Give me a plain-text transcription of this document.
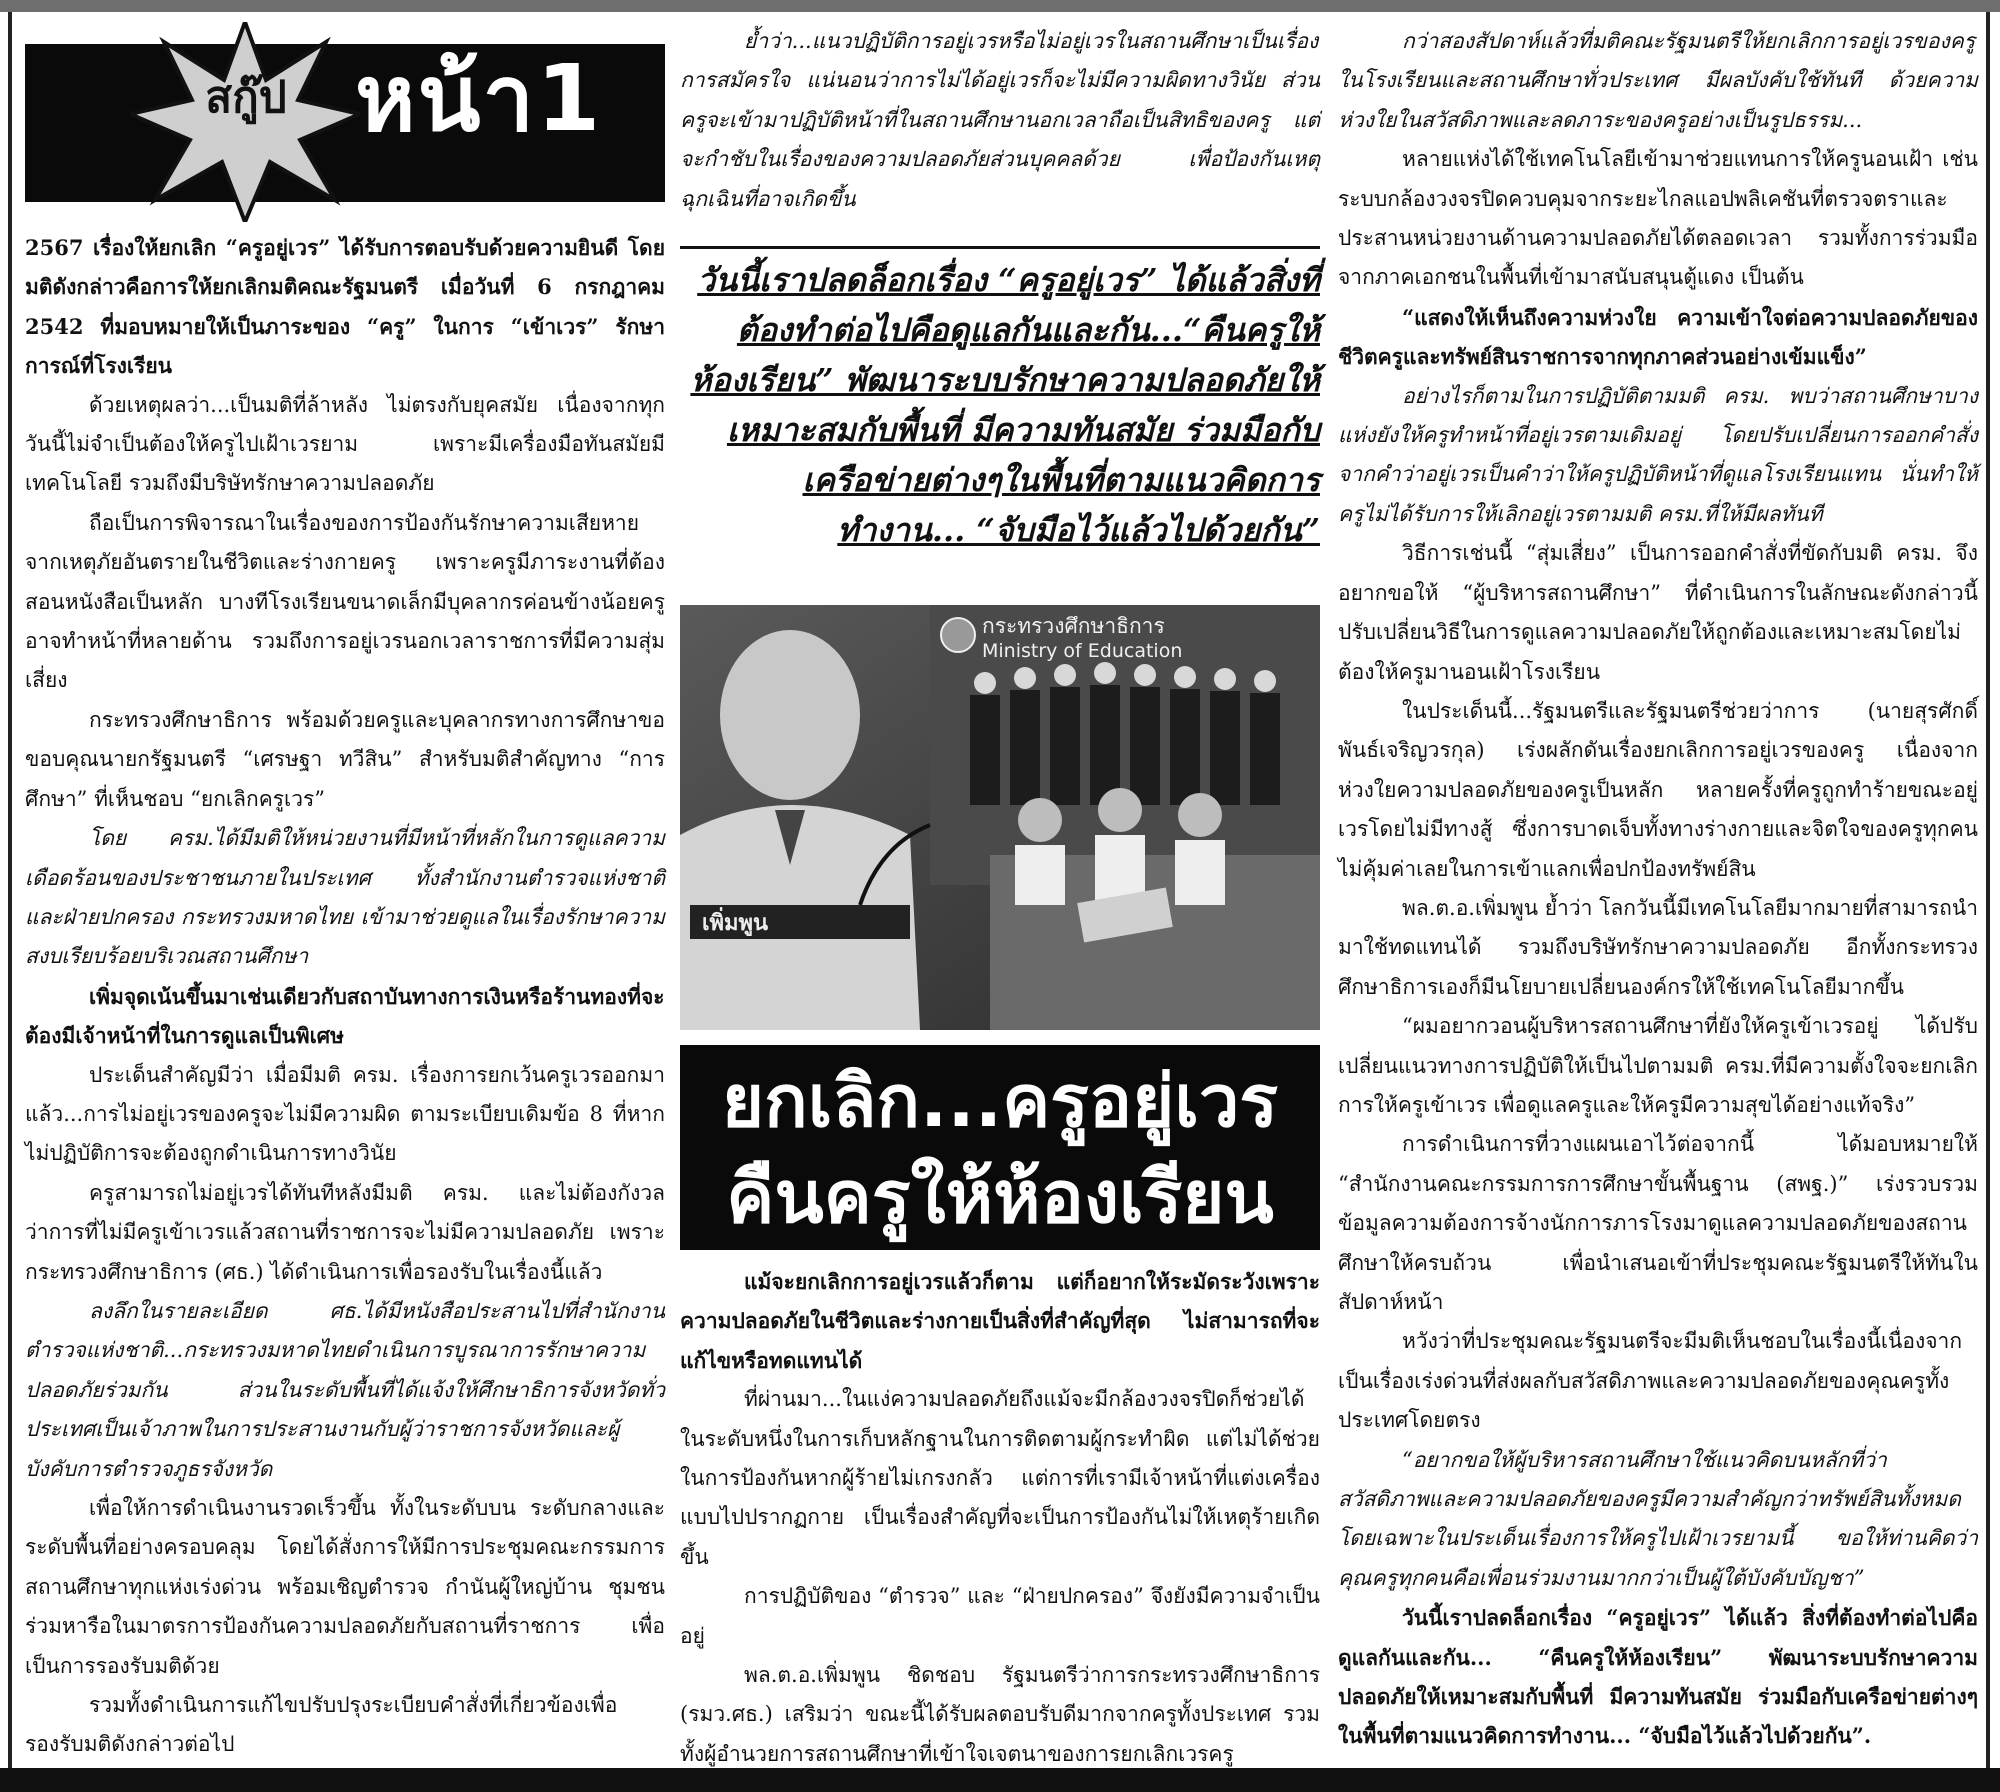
สกู๊ป หน้า1

2567 เรื่องให้ยกเลิก “ครูอยู่เวร” ได้รับการตอบรับด้วยความยินดี โดยมติดังกล่าวคือการให้ยกเลิกมติคณะรัฐมนตรี เมื่อวันที่ 6 กรกฎาคม 2542 ที่มอบหมายให้เป็นภาระของ “ครู” ในการ “เข้าเวร” รักษาการณ์ที่โรงเรียน

ด้วยเหตุผลว่า...เป็นมติที่ล้าหลัง ไม่ตรงกับยุคสมัย เนื่องจากทุกวันนี้ไม่จำเป็นต้องให้ครูไปเฝ้าเวรยาม เพราะมีเครื่องมือทันสมัยมีเทคโนโลยี รวมถึงมีบริษัทรักษาความปลอดภัย

ถือเป็นการพิจารณาในเรื่องของการป้องกันรักษาความเสียหายจากเหตุภัยอันตรายในชีวิตและร่างกายครู เพราะครูมีภาระงานที่ต้องสอนหนังสือเป็นหลัก บางทีโรงเรียนขนาดเล็กมีบุคลากรค่อนข้างน้อยครูอาจทำหน้าที่หลายด้าน รวมถึงการอยู่เวรนอกเวลาราชการที่มีความสุ่มเสี่ยง

กระทรวงศึกษาธิการ พร้อมด้วยครูและบุคลากรทางการศึกษาขอขอบคุณนายกรัฐมนตรี “เศรษฐา ทวีสิน” สำหรับมติสำคัญทาง “การศึกษา” ที่เห็นชอบ “ยกเลิกครูเวร”

โดย ครม.ได้มีมติให้หน่วยงานที่มีหน้าที่หลักในการดูแลความเดือดร้อนของประชาชนภายในประเทศ ทั้งสำนักงานตำรวจแห่งชาติ และฝ่ายปกครอง กระทรวงมหาดไทย เข้ามาช่วยดูแลในเรื่องรักษาความสงบเรียบร้อยบริเวณสถานศึกษา

เพิ่มจุดเน้นขึ้นมาเช่นเดียวกับสถาบันทางการเงินหรือร้านทองที่จะต้องมีเจ้าหน้าที่ในการดูแลเป็นพิเศษ

ประเด็นสำคัญมีว่า เมื่อมีมติ ครม. เรื่องการยกเว้นครูเวรออกมาแล้ว...การไม่อยู่เวรของครูจะไม่มีความผิด ตามระเบียบเดิมข้อ 8 ที่หากไม่ปฏิบัติการจะต้องถูกดำเนินการทางวินัย

ครูสามารถไม่อยู่เวรได้ทันทีหลังมีมติ ครม. และไม่ต้องกังวลว่าการที่ไม่มีครูเข้าเวรแล้วสถานที่ราชการจะไม่มีความปลอดภัย เพราะกระทรวงศึกษาธิการ (ศธ.) ได้ดำเนินการเพื่อรองรับในเรื่องนี้แล้ว

ลงลึกในรายละเอียด ศธ.ได้มีหนังสือประสานไปที่สำนักงานตำรวจแห่งชาติ...กระทรวงมหาดไทยดำเนินการบูรณาการรักษาความปลอดภัยร่วมกัน ส่วนในระดับพื้นที่ได้แจ้งให้ศึกษาธิการจังหวัดทั่วประเทศเป็นเจ้าภาพในการประสานงานกับผู้ว่าราชการจังหวัดและผู้บังคับการตำรวจภูธรจังหวัด

เพื่อให้การดำเนินงานรวดเร็วขึ้น ทั้งในระดับบน ระดับกลางและระดับพื้นที่อย่างครอบคลุม โดยได้สั่งการให้มีการประชุมคณะกรรมการสถานศึกษาทุกแห่งเร่งด่วน พร้อมเชิญตำรวจ กำนันผู้ใหญ่บ้าน ชุมชนร่วมหารือในมาตรการป้องกันความปลอดภัยกับสถานที่ราชการ เพื่อเป็นการรองรับมติด้วย

รวมทั้งดำเนินการแก้ไขปรับปรุงระเบียบคำสั่งที่เกี่ยวข้องเพื่อรองรับมติดังกล่าวต่อไป

ย้ำว่า...แนวปฏิบัติการอยู่เวรหรือไม่อยู่เวรในสถานศึกษาเป็นเรื่องการสมัครใจ แน่นอนว่าการไม่ได้อยู่เวรก็จะไม่มีความผิดทางวินัย ส่วนครูจะเข้ามาปฏิบัติหน้าที่ในสถานศึกษานอกเวลาถือเป็นสิทธิของครู แต่จะกำชับในเรื่องของความปลอดภัยส่วนบุคคลด้วย เพื่อป้องกันเหตุฉุกเฉินที่อาจเกิดขึ้น

วันนี้เราปลดล็อกเรื่อง “ครูอยู่เวร” ได้แล้วสิ่งที่ต้องทำต่อไปคือดูแลกันและกัน...“คืนครูให้ห้องเรียน” พัฒนาระบบรักษาความปลอดภัยให้เหมาะสมกับพื้นที่ มีความทันสมัย ร่วมมือกับเครือข่ายต่างๆในพื้นที่ตามแนวคิดการทำงาน... “จับมือไว้แล้วไปด้วยกัน”

กระทรวงศึกษาธิการ
Ministry of Education
เพิ่มพูน
ยกเลิก...ครูอยู่เวร
คืนครูให้ห้องเรียน

แม้จะยกเลิกการอยู่เวรแล้วก็ตาม แต่ก็อยากให้ระมัดระวังเพราะความปลอดภัยในชีวิตและร่างกายเป็นสิ่งที่สำคัญที่สุด ไม่สามารถที่จะแก้ไขหรือทดแทนได้

ที่ผ่านมา...ในแง่ความปลอดภัยถึงแม้จะมีกล้องวงจรปิดก็ช่วยได้ในระดับหนึ่งในการเก็บหลักฐานในการติดตามผู้กระทำผิด แต่ไม่ได้ช่วยในการป้องกันหากผู้ร้ายไม่เกรงกลัว แต่การที่เรามีเจ้าหน้าที่แต่งเครื่องแบบไปปรากฏกาย เป็นเรื่องสำคัญที่จะเป็นการป้องกันไม่ให้เหตุร้ายเกิดขึ้น

การปฏิบัติของ “ตำรวจ” และ “ฝ่ายปกครอง” จึงยังมีความจำเป็นอยู่

พล.ต.อ.เพิ่มพูน ชิดชอบ รัฐมนตรีว่าการกระทรวงศึกษาธิการ (รมว.ศธ.) เสริมว่า ขณะนี้ได้รับผลตอบรับดีมากจากครูทั้งประเทศ รวมทั้งผู้อำนวยการสถานศึกษาที่เข้าใจเจตนาของการยกเลิกเวรครู

กว่าสองสัปดาห์แล้วที่มติคณะรัฐมนตรีให้ยกเลิกการอยู่เวรของครูในโรงเรียนและสถานศึกษาทั่วประเทศ มีผลบังคับใช้ทันที ด้วยความห่วงใยในสวัสดิภาพและลดภาระของครูอย่างเป็นรูปธรรม...

หลายแห่งได้ใช้เทคโนโลยีเข้ามาช่วยแทนการให้ครูนอนเฝ้า เช่น ระบบกล้องวงจรปิดควบคุมจากระยะไกลแอปพลิเคชันที่ตรวจตราและประสานหน่วยงานด้านความปลอดภัยได้ตลอดเวลา รวมทั้งการร่วมมือจากภาคเอกชนในพื้นที่เข้ามาสนับสนุนตู้แดง เป็นต้น

“แสดงให้เห็นถึงความห่วงใย ความเข้าใจต่อความปลอดภัยของชีวิตครูและทรัพย์สินราชการจากทุกภาคส่วนอย่างเข้มแข็ง”

อย่างไรก็ตามในการปฏิบัติตามมติ ครม. พบว่าสถานศึกษาบางแห่งยังให้ครูทำหน้าที่อยู่เวรตามเดิมอยู่ โดยปรับเปลี่ยนการออกคำสั่งจากคำว่าอยู่เวรเป็นคำว่าให้ครูปฏิบัติหน้าที่ดูแลโรงเรียนแทน นั่นทำให้ครูไม่ได้รับการให้เลิกอยู่เวรตามมติ ครม.ที่ให้มีผลทันที

วิธีการเช่นนี้ “สุ่มเสี่ยง” เป็นการออกคำสั่งที่ขัดกับมติ ครม. จึงอยากขอให้ “ผู้บริหารสถานศึกษา” ที่ดำเนินการในลักษณะดังกล่าวนี้ปรับเปลี่ยนวิธีในการดูแลความปลอดภัยให้ถูกต้องและเหมาะสมโดยไม่ต้องให้ครูมานอนเฝ้าโรงเรียน

ในประเด็นนี้...รัฐมนตรีและรัฐมนตรีช่วยว่าการ (นายสุรศักดิ์ พันธ์เจริญวรกุล) เร่งผลักดันเรื่องยกเลิกการอยู่เวรของครู เนื่องจากห่วงใยความปลอดภัยของครูเป็นหลัก หลายครั้งที่ครูถูกทำร้ายขณะอยู่เวรโดยไม่มีทางสู้ ซึ่งการบาดเจ็บทั้งทางร่างกายและจิตใจของครูทุกคนไม่คุ้มค่าเลยในการเข้าแลกเพื่อปกป้องทรัพย์สิน

พล.ต.อ.เพิ่มพูน ย้ำว่า โลกวันนี้มีเทคโนโลยีมากมายที่สามารถนำมาใช้ทดแทนได้ รวมถึงบริษัทรักษาความปลอดภัย อีกทั้งกระทรวงศึกษาธิการเองก็มีนโยบายเปลี่ยนองค์กรให้ใช้เทคโนโลยีมากขึ้น

“ผมอยากวอนผู้บริหารสถานศึกษาที่ยังให้ครูเข้าเวรอยู่ ได้ปรับเปลี่ยนแนวทางการปฏิบัติให้เป็นไปตามมติ ครม.ที่มีความตั้งใจจะยกเลิกการให้ครูเข้าเวร เพื่อดูแลครูและให้ครูมีความสุขได้อย่างแท้จริง”

การดำเนินการที่วางแผนเอาไว้ต่อจากนี้ ได้มอบหมายให้ “สำนักงานคณะกรรมการการศึกษาขั้นพื้นฐาน (สพฐ.)” เร่งรวบรวมข้อมูลความต้องการจ้างนักการภารโรงมาดูแลความปลอดภัยของสถานศึกษาให้ครบถ้วน เพื่อนำเสนอเข้าที่ประชุมคณะรัฐมนตรีให้ทันในสัปดาห์หน้า

หวังว่าที่ประชุมคณะรัฐมนตรีจะมีมติเห็นชอบในเรื่องนี้เนื่องจากเป็นเรื่องเร่งด่วนที่ส่งผลกับสวัสดิภาพและความปลอดภัยของคุณครูทั้งประเทศโดยตรง

“อยากขอให้ผู้บริหารสถานศึกษาใช้แนวคิดบนหลักที่ว่า สวัสดิภาพและความปลอดภัยของครูมีความสำคัญกว่าทรัพย์สินทั้งหมด โดยเฉพาะในประเด็นเรื่องการให้ครูไปเฝ้าเวรยามนี้ ขอให้ท่านคิดว่าคุณครูทุกคนคือเพื่อนร่วมงานมากกว่าเป็นผู้ใต้บังคับบัญชา”

วันนี้เราปลดล็อกเรื่อง “ครูอยู่เวร” ได้แล้ว สิ่งที่ต้องทำต่อไปคือดูแลกันและกัน... “คืนครูให้ห้องเรียน” พัฒนาระบบรักษาความปลอดภัยให้เหมาะสมกับพื้นที่ มีความทันสมัย ร่วมมือกับเครือข่ายต่างๆในพื้นที่ตามแนวคิดการทำงาน... “จับมือไว้แล้วไปด้วยกัน”.
